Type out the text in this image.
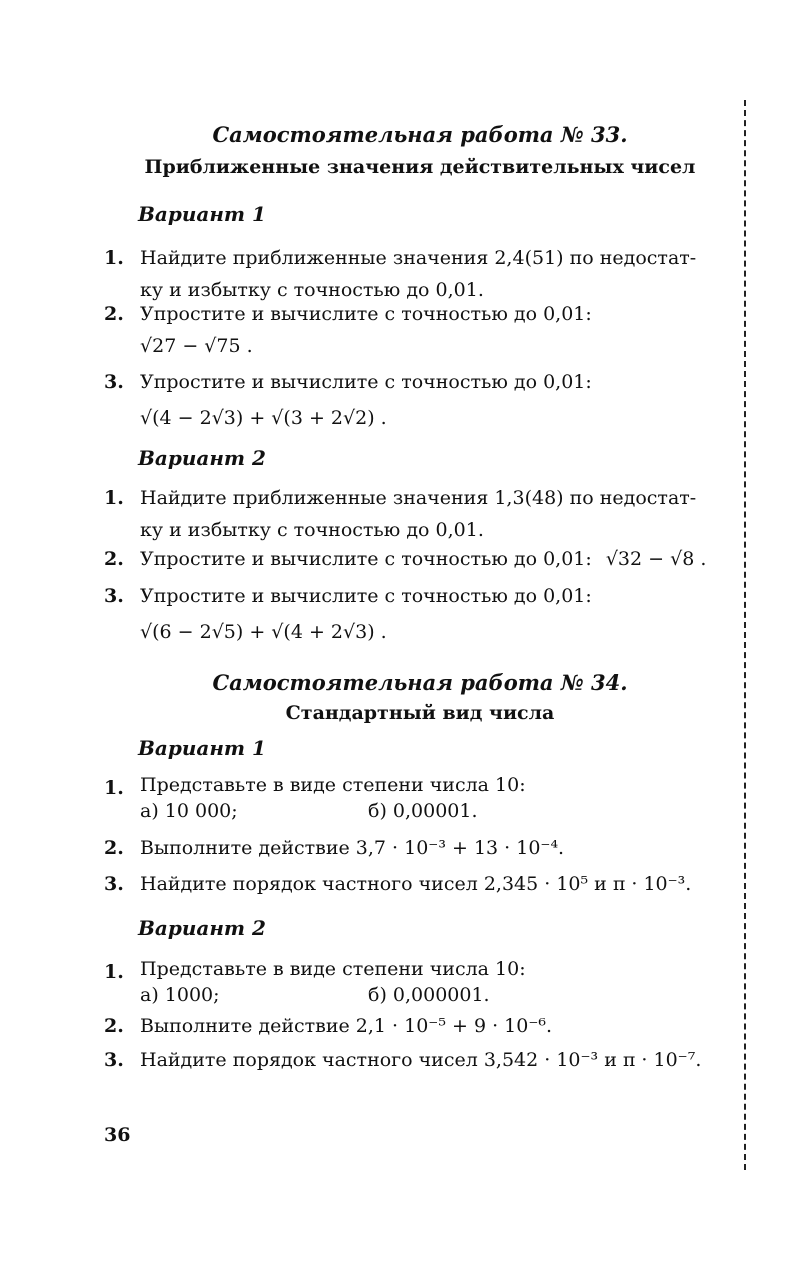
Самостоятельная работа № 33.
Приближенные значения действительных чисел
Вариант 1
1. Найдите приближенные значения 2,4(51) по недостат-
ку и избытку с точностью до 0,01.
2. Упростите и вычислите с точностью до 0,01:
√27 − √75 .
3. Упростите и вычислите с точностью до 0,01:
√(4 − 2√3) + √(3 + 2√2) .
Вариант 2
1. Найдите приближенные значения 1,3(48) по недостат-
ку и избытку с точностью до 0,01.
2. Упростите и вычислите с точностью до 0,01: √32 − √8 .
3. Упростите и вычислите с точностью до 0,01:
√(6 − 2√5) + √(4 + 2√3) .
Самостоятельная работа № 34.
Стандартный вид числа
Вариант 1
1. Представьте в виде степени числа 10:
а) 10 000;	б) 0,00001.
2. Выполните действие 3,7 · 10⁻³ + 13 · 10⁻⁴.
3. Найдите порядок частного чисел 2,345 · 10⁵ и π · 10⁻³.
Вариант 2
1. Представьте в виде степени числа 10:
а) 1000;	б) 0,000001.
2. Выполните действие 2,1 · 10⁻⁵ + 9 · 10⁻⁶.
3. Найдите порядок частного чисел 3,542 · 10⁻³ и π · 10⁻⁷.
36
